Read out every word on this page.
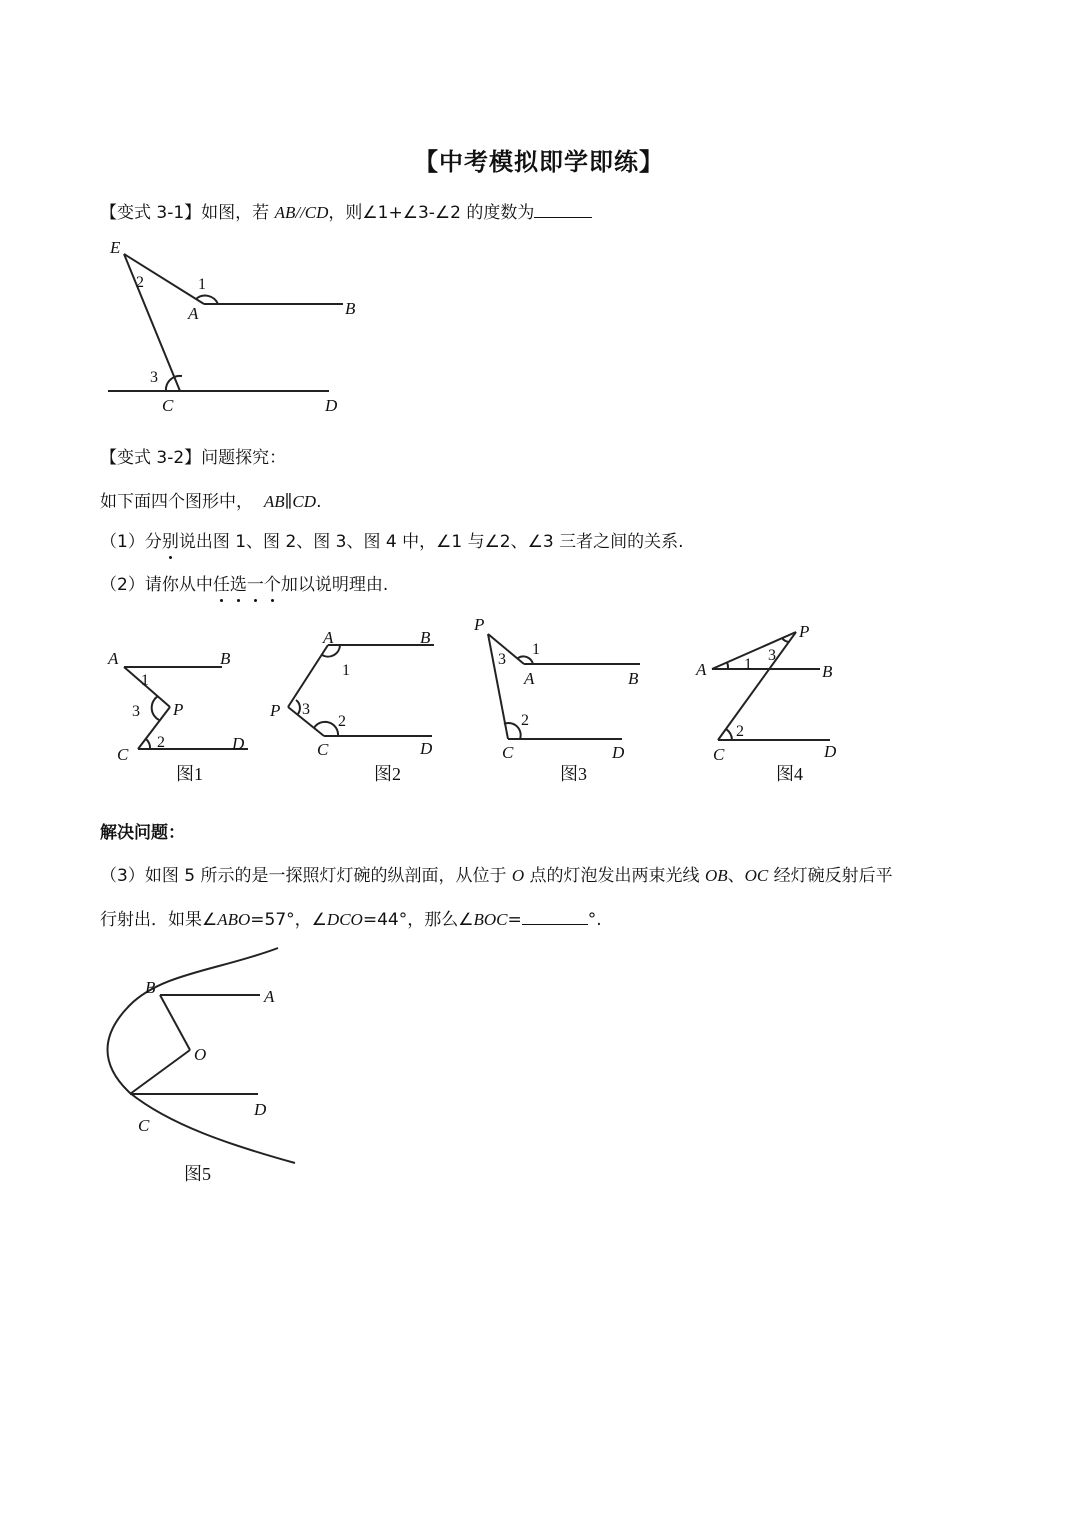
【中考模拟即学即练】
【变式 3-1】如图，若 AB//CD，则∠1+∠3-∠2 的度数为
E
A	B
C	D
1
2
3
【变式 3-2】问题探究：
如下面四个图形中， AB∥CD.
（1）分别说出图 1、图 2、图 3、图 4 中，∠1 与∠2、∠3 三者之间的关系.
（2）请你从中任选一个加以说明理由.
A	B
P
C
D
1
2
3
图1
A	B
P
C	D
1
2
3
图2
P
A	B
C	D
1
2
3
图3
A
P
B
C	D
1
2
3
图4
解决问题：
（3）如图 5 所示的是一探照灯灯碗的纵剖面，从位于 O 点的灯泡发出两束光线 OB、OC 经灯碗反射后平
行射出．如果∠ABO=57°，∠DCO=44°，那么∠BOC=	°.
B	A
O
C
D
图5
